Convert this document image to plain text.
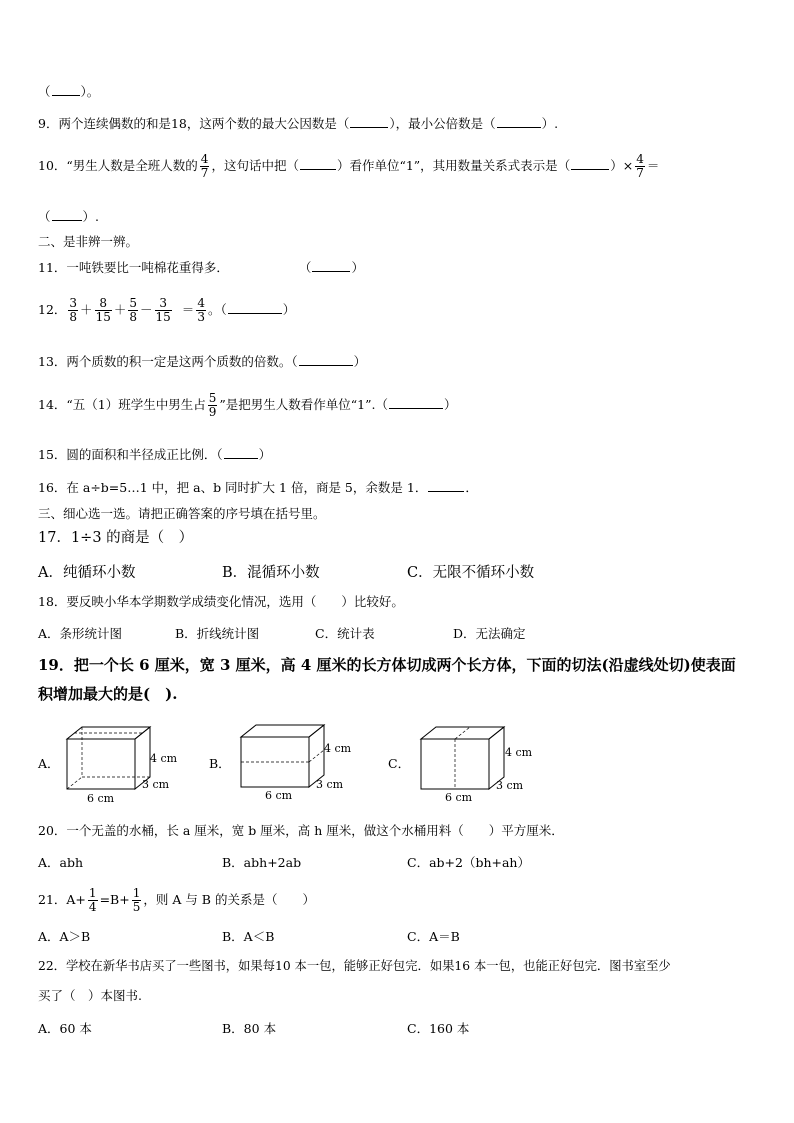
（ ）。
9．两个连续偶数的和是18，这两个数的最大公因数是（	），最小公倍数是（	）.
10．“男生人数是全班人数的 $\frac{4}{7}$ ，这句话中把（	）看作单位“1”，其用数量关系式表示是（	）× $\frac{4}{7}$ ＝
（	）.
二、是非辨一辨。
11．一吨铁要比一吨棉花重得多．	（	）
12． $\frac{3}{8} + \frac{8}{15} + \frac{5}{8} - \frac{3}{15} = \frac{4}{3}$ 。（	）
13．两个质数的积一定是这两个质数的倍数。（	）
14．“五（1）班学生中男生占 $\frac{5}{9}$ ”是把男生人数看作单位“1”.（	）
15．圆的面积和半径成正比例．（	）
16．在 a÷b=5…1 中，把 a、b 同时扩大 1 倍，商是 5，余数是 1．	．
三、细心选一选。请把正确答案的序号填在括号里。
17．1÷3 的商是（　）
A．纯循环小数	B．混循环小数	C．无限不循环小数
18．要反映小华本学期数学成绩变化情况，选用（　　）比较好。
A．条形统计图	B．折线统计图	C．统计表	D．无法确定
19．把一个长 6 厘米，宽 3 厘米，高 4 厘米的长方体切成两个长方体，下面的切法(沿虚线处切)使表面
积增加最大的是(　).
A．	4 cm
3 cm
6 cm
B．
4 cm
3 cm
6 cm
C．
4 cm
3 cm
6 cm
20．一个无盖的水桶，长 a 厘米，宽 b 厘米，高 h 厘米，做这个水桶用料（　　）平方厘米．
A．abh	B．abh+2ab	C．ab+2（bh+ah）
21．$A+ \frac{1}{4} =B+ \frac{1}{5}$ ，则 A 与 B 的关系是（　　）
A．A＞B	B．A＜B	C．A＝B
22．学校在新华书店买了一些图书，如果每10 本一包，能够正好包完．如果16 本一包，也能正好包完．图书室至少
买了（　）本图书.
A．60 本	B．80 本	C．160 本
